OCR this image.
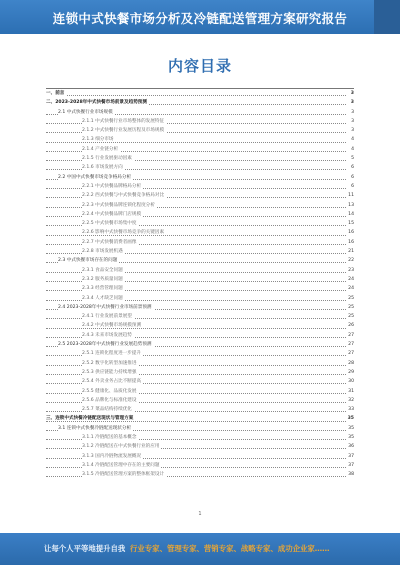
连锁中式快餐市场分析及冷链配送管理方案研究报告
内容目录
一、前言	3
二、2023-2028年中式快餐市场前景及趋势预测	3
2.1 中式快餐行业市场规模	3
2.1.1 中式快餐行业市场整体的发展特征	3
2.1.2 中式快餐行业发展历程及市场规模	3
2.1.3 细分市场	4
2.1.4 产业链分析	4
2.1.5 行业发展驱动因素	5
2.1.6 市场发展方向	6
2.2 中国中式快餐市场竞争格局分析	6
2.2.1 中式快餐品牌格局分析	6
2.2.2 西式快餐与中式快餐竞争格局对比	11
2.2.3 中式快餐品牌连锁化程度分析	13
2.2.4 中式快餐品牌门店规模	14
2.2.5 中式快餐市场集中度	15
2.2.6 影响中式快餐市场竞争的关键因素	16
2.2.7 中式快餐消费者画像	16
2.2.8 市场发展机遇	21
2.3 中式快餐市场存在的问题	22
2.3.1 食品安全问题	23
2.3.2 服务质量问题	24
2.3.3 经营管理问题	24
2.3.4 人才缺乏问题	25
2.4 2023-2028年中式快餐行业市场前景预测	25
2.4.1 行业发展前景展望	25
2.4.2 中式快餐市场规模预测	26
2.4.3 未来市场发展趋势	27
2.5 2023-2028年中式快餐行业发展趋势预测	27
2.5.1 连锁化程度进一步提升	27
2.5.2 数字化转型加速推进	28
2.5.3 供应链能力持续增强	29
2.5.4 外卖业务占比不断提高	30
2.5.5 健康化、品质化发展	31
2.5.6 品牌化与标准化建设	32
2.5.7 菜品结构持续优化	33
三、连锁中式快餐冷链配送现状与管理方案	35
3.1 连锁中式快餐冷链配送现状分析	35
3.1.1 冷链配送的基本概念	35
3.1.2 冷链配送在中式快餐行业的应用	36
3.1.3 国内冷链物流发展概况	37
3.1.4 冷链配送管理中存在的主要问题	37
3.1.5 冷链配送管理方案的整体框架设计	38
1
让每个人平等地提升自我 行业专家、管理专家、营销专家、战略专家、成功企业家……
